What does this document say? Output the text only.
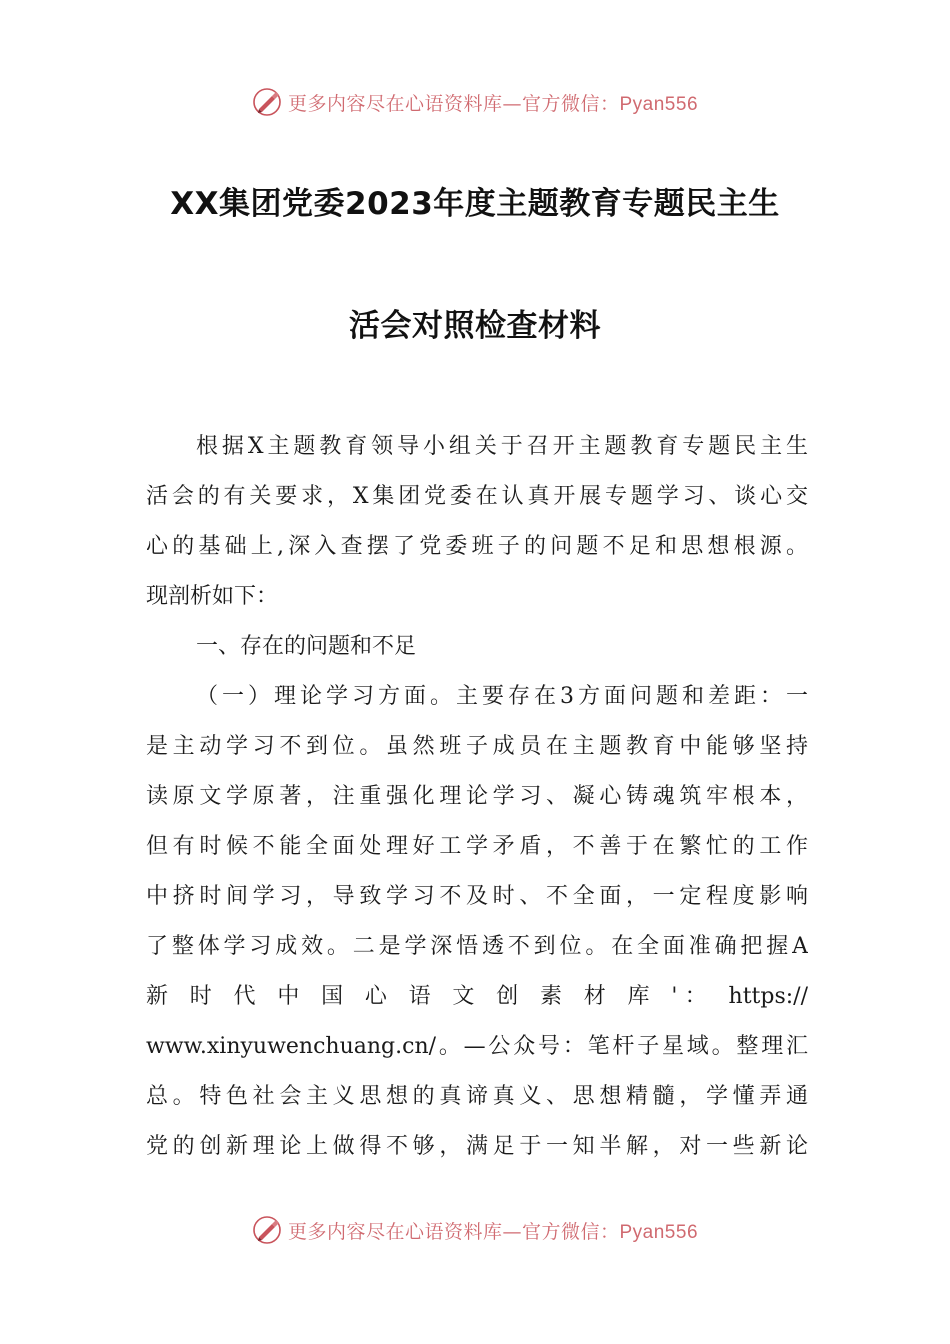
更多内容尽在心语资料库—官方微信：Pyan556
XX集团党委2023年度主题教育专题民主生
活会对照检查材料
根据X主题教育领导小组关于召开主题教育专题民主生
活会的有关要求，X集团党委在认真开展专题学习、谈心交
心的基础上,深入查摆了党委班子的问题不足和思想根源。
现剖析如下：
一、存在的问题和不足
（一）理论学习方面。主要存在3方面问题和差距：一
是主动学习不到位。虽然班子成员在主题教育中能够坚持
读原文学原著，注重强化理论学习、凝心铸魂筑牢根本，
但有时候不能全面处理好工学矛盾，不善于在繁忙的工作
中挤时间学习，导致学习不及时、不全面，一定程度影响
了整体学习成效。二是学深悟透不到位。在全面准确把握A
新 时 代 中 国 心 语 文 创 素 材 库 '： https://
www.xinyuwenchuang.cn/。—公众号：笔杆子星域。整理汇
总。特色社会主义思想的真谛真义、思想精髓，学懂弄通
党的创新理论上做得不够，满足于一知半解，对一些新论
更多内容尽在心语资料库—官方微信：Pyan556
